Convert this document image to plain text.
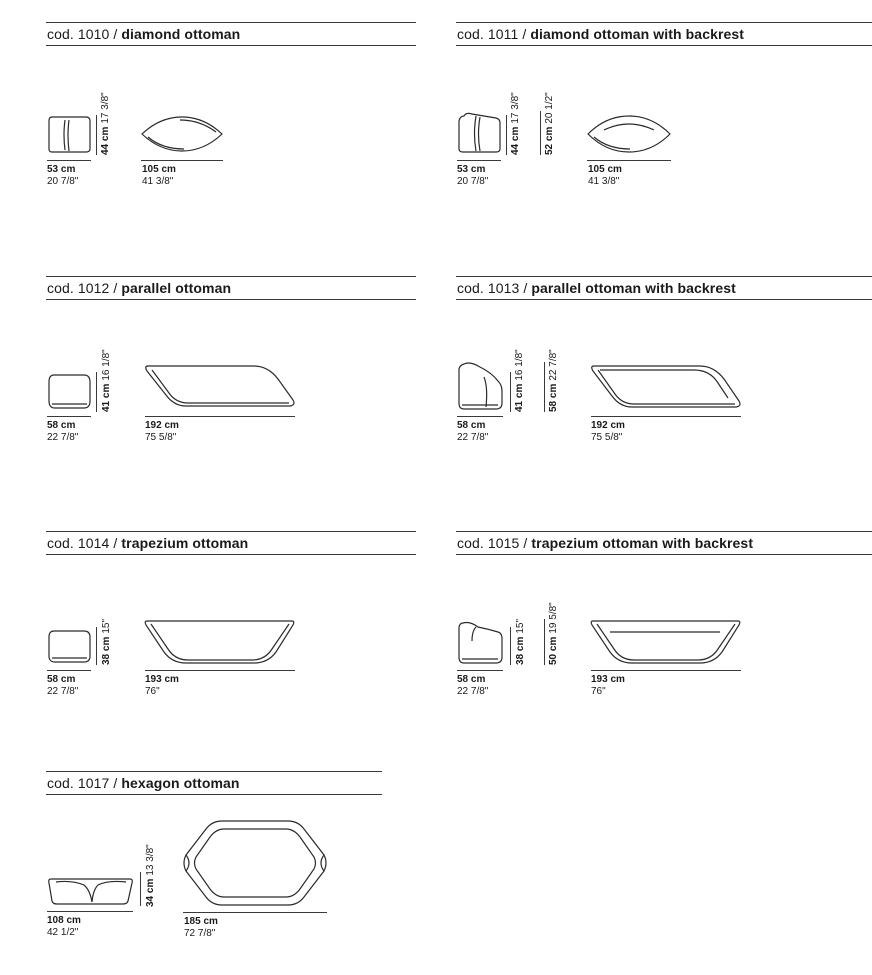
cod. 1010 / diamond ottoman
44 cm17 3/8"
53 cm
20 7/8"
105 cm
41 3/8"
cod. 1011 / diamond ottoman with backrest
44 cm17 3/8"
52 cm20 1/2"
53 cm
20 7/8"
105 cm
41 3/8"
cod. 1012 / parallel ottoman
41 cm16 1/8"
58 cm
22 7/8"
192 cm
75 5/8"
cod. 1013 / parallel ottoman with backrest
41 cm16 1/8"
58 cm22 7/8"
58 cm
22 7/8"
192 cm
75 5/8"
cod. 1014 / trapezium ottoman
38 cm15"
58 cm
22 7/8"
193 cm
76"
cod. 1015 / trapezium ottoman with backrest
38 cm15"
50 cm19 5/8"
58 cm
22 7/8"
193 cm
76"
cod. 1017 / hexagon ottoman
34 cm13 3/8"
108 cm
42 1/2"
185 cm
72 7/8"
